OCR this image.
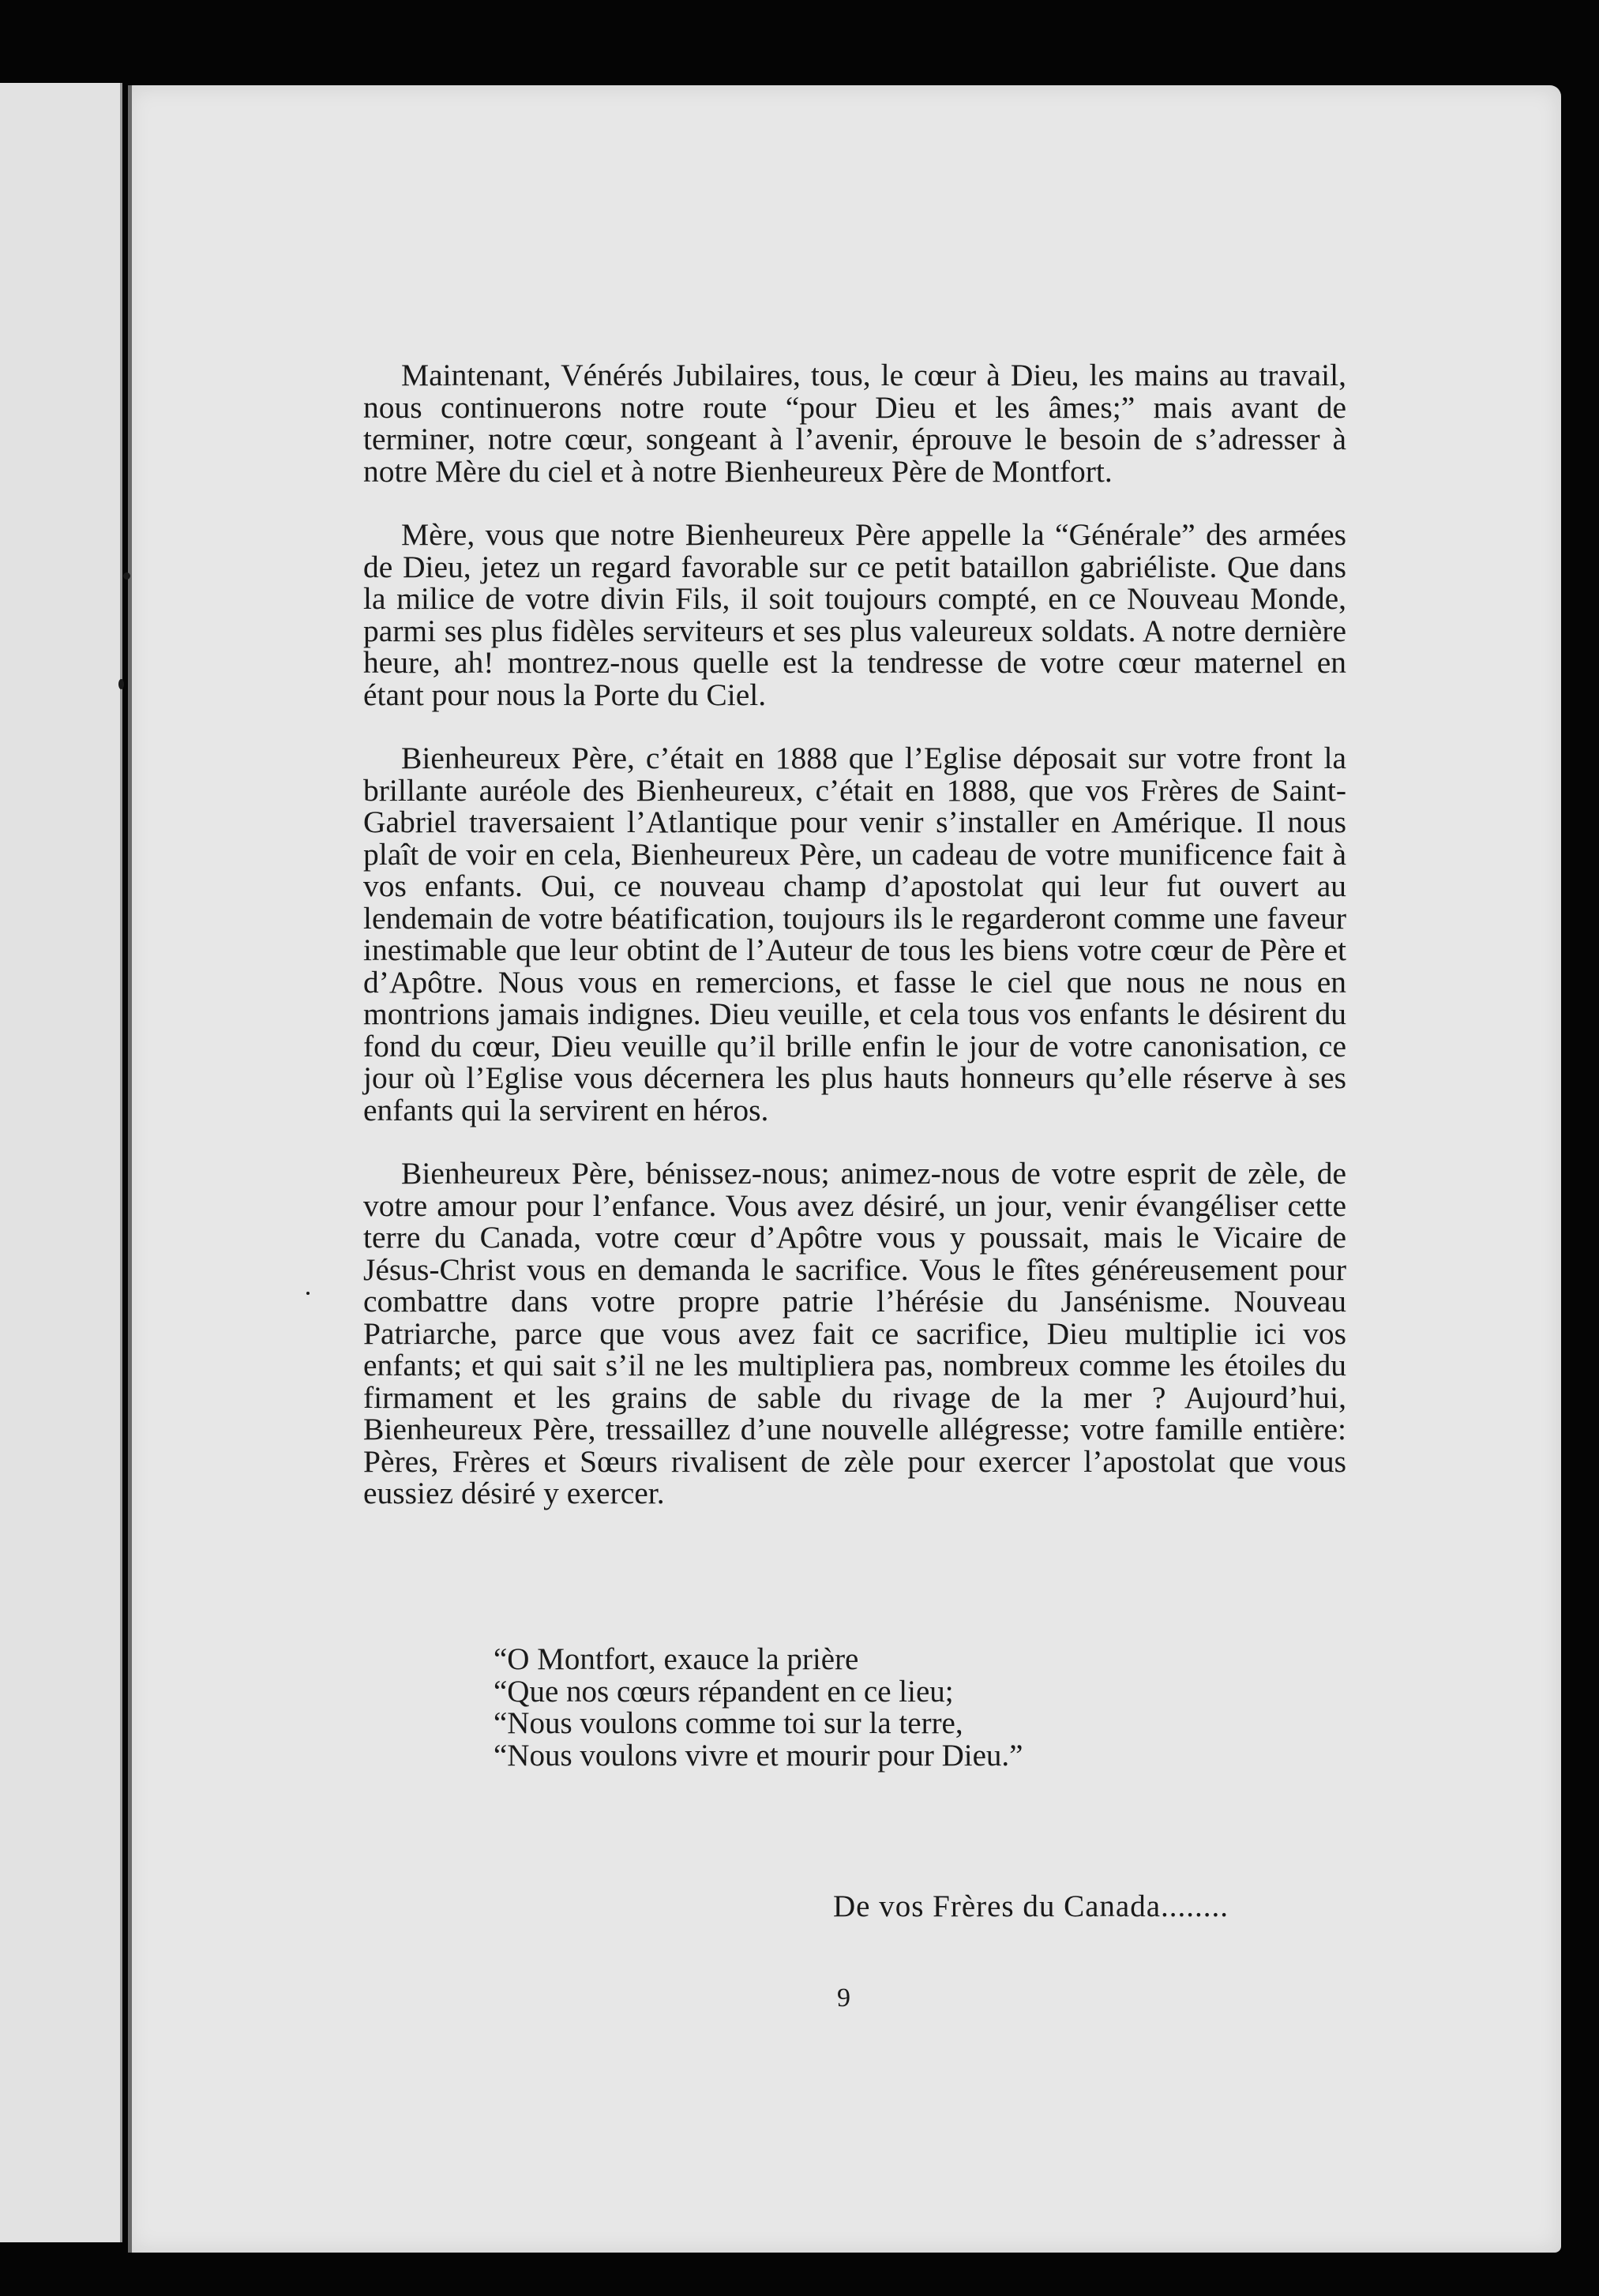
Maintenant, Vénérés Jubilaires, tous, le cœur à Dieu, les mains au travail, nous continuerons notre route “pour Dieu et les âmes;” mais avant de terminer, notre cœur, songeant à l’avenir, éprouve le besoin de s’adresser à notre Mère du ciel et à notre Bienheureux Père de Montfort.

Mère, vous que notre Bienheureux Père appelle la “Générale” des armées de Dieu, jetez un regard favorable sur ce petit bataillon gabriéliste. Que dans la milice de votre divin Fils, il soit toujours compté, en ce Nouveau Monde, parmi ses plus fidèles serviteurs et ses plus valeureux soldats. A notre dernière heure, ah! montrez-nous quelle est la tendresse de votre cœur maternel en étant pour nous la Porte du Ciel.

Bienheureux Père, c’était en 1888 que l’Eglise déposait sur votre front la brillante auréole des Bienheureux, c’était en 1888, que vos Frères de Saint-Gabriel traversaient l’Atlantique pour venir s’installer en Amérique. Il nous plaît de voir en cela, Bienheureux Père, un cadeau de votre munificence fait à vos enfants. Oui, ce nouveau champ d’apostolat qui leur fut ouvert au lendemain de votre béatification, toujours ils le regarderont comme une faveur inestimable que leur obtint de l’Auteur de tous les biens votre cœur de Père et d’Apôtre. Nous vous en remercions, et fasse le ciel que nous ne nous en montrions jamais indignes. Dieu veuille, et cela tous vos enfants le désirent du fond du cœur, Dieu veuille qu’il brille enfin le jour de votre canonisation, ce jour où l’Eglise vous décernera les plus hauts honneurs qu’elle réserve à ses enfants qui la servirent en héros.

Bienheureux Père, bénissez-nous; animez-nous de votre esprit de zèle, de votre amour pour l’enfance. Vous avez désiré, un jour, venir évangéliser cette terre du Canada, votre cœur d’Apôtre vous y poussait, mais le Vicaire de Jésus-Christ vous en demanda le sacrifice. Vous le fîtes généreusement pour combattre dans votre propre patrie l’hérésie du Jansénisme. Nouveau Patriarche, parce que vous avez fait ce sacrifice, Dieu multiplie ici vos enfants; et qui sait s’il ne les multipliera pas, nombreux comme les étoiles du firmament et les grains de sable du rivage de la mer ? Aujourd’hui, Bienheureux Père, tressaillez d’une nouvelle allégresse; votre famille entière: Pères, Frères et Sœurs rivalisent de zèle pour exercer l’apostolat que vous eussiez désiré y exercer.

“O Montfort, exauce la prière
“Que nos cœurs répandent en ce lieu;
“Nous voulons comme toi sur la terre,
“Nous voulons vivre et mourir pour Dieu.”
De vos Frères du Canada........
9
